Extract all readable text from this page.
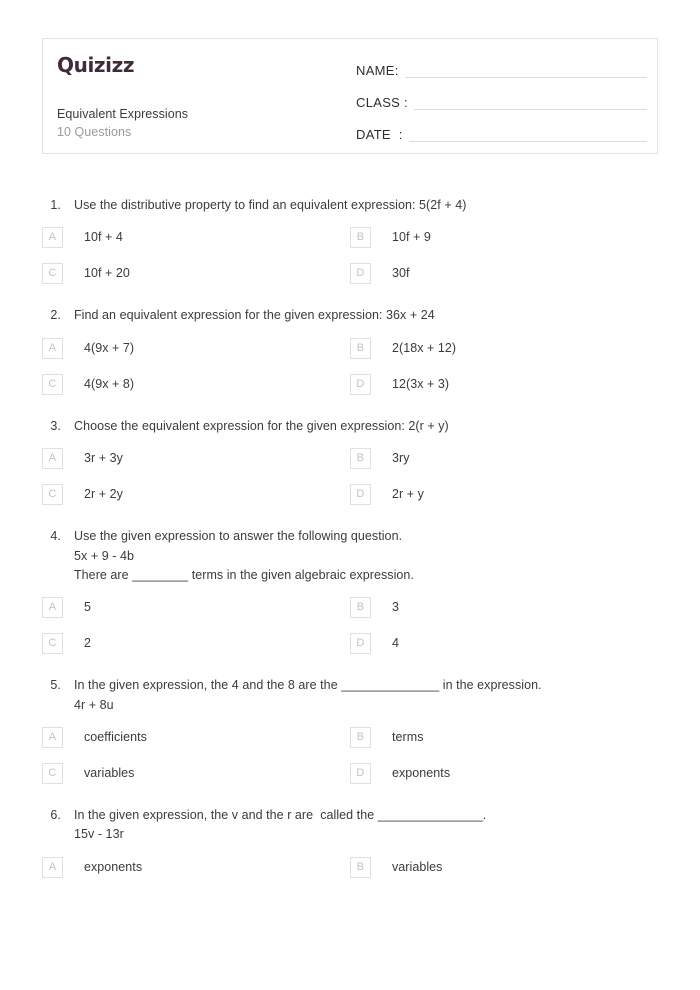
Quizizz
Equivalent Expressions
10 Questions
NAME:
CLASS :
DATE  :
1.	Use the distributive property to find an equivalent expression: 5(2f + 4)
A	10f + 4	B	10f + 9
C	10f + 20	D	30f
2.	Find an equivalent expression for the given expression: 36x + 24
A	4(9x + 7)	B	2(18x + 12)
C	4(9x + 8)	D	12(3x + 3)
3.	Choose the equivalent expression for the given expression: 2(r + y)
A	3r + 3y	B	3ry
C	2r + 2y	D	2r + y
4.	Use the given expression to answer the following question.
5x + 9 - 4b
There are ________ terms in the given algebraic expression.
A	5	B	3
C	2	D	4
5.	In the given expression, the 4 and the 8 are the ______________ in the expression.
4r + 8u
A	coefficients	B	terms
C	variables	D	exponents
6.	In the given expression, the v and the r are  called the _______________.
15v - 13r
A	exponents	B	variables
